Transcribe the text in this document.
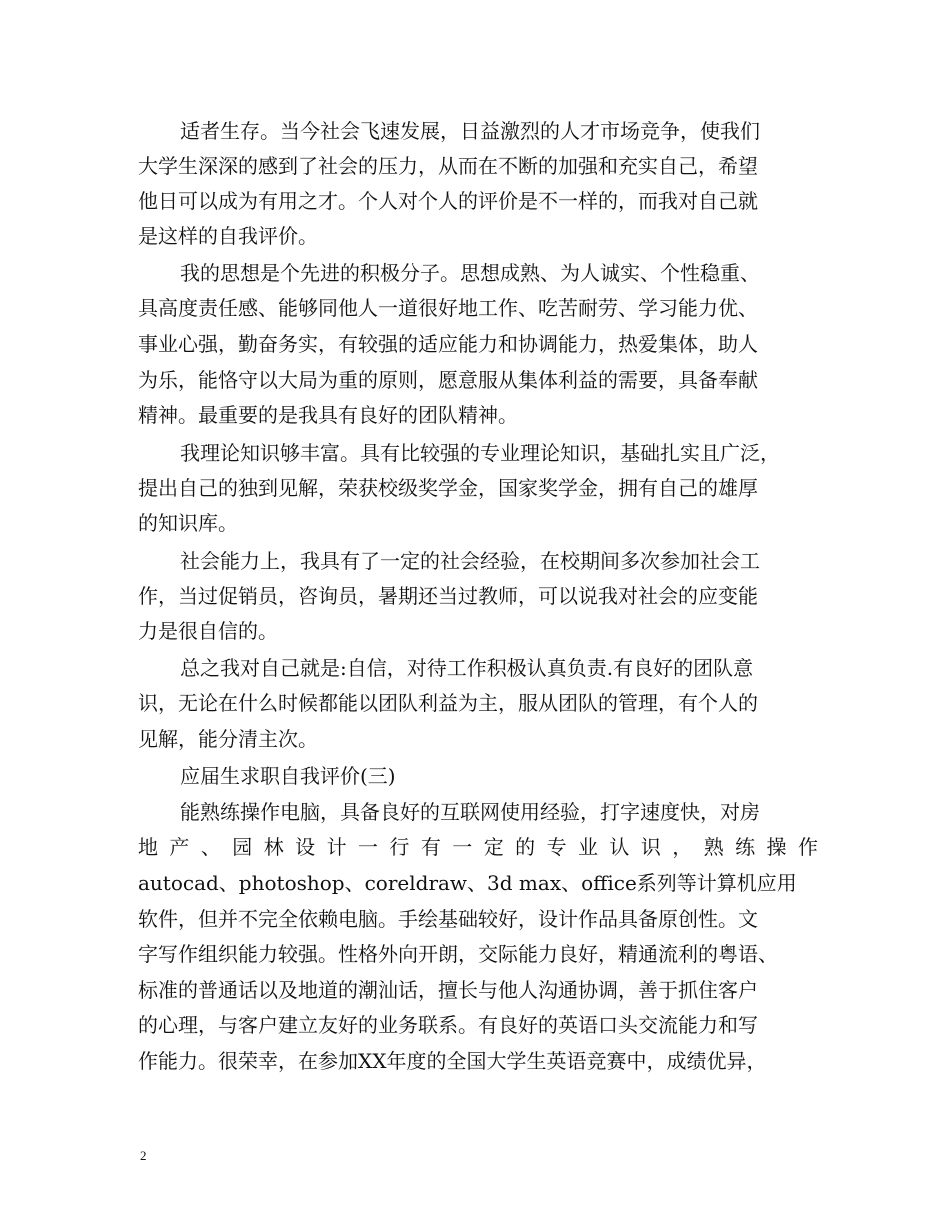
适者生存。当今社会飞速发展，日益激烈的人才市场竞争，使我们
大学生深深的感到了社会的压力，从而在不断的加强和充实自己，希望
他日可以成为有用之才。个人对个人的评价是不一样的，而我对自己就
是这样的自我评价。
我的思想是个先进的积极分子。思想成熟、为人诚实、个性稳重、
具高度责任感、能够同他人一道很好地工作、吃苦耐劳、学习能力优、
事业心强，勤奋务实，有较强的适应能力和协调能力，热爱集体，助人
为乐，能恪守以大局为重的原则，愿意服从集体利益的需要，具备奉献
精神。最重要的是我具有良好的团队精神。
我理论知识够丰富。具有比较强的专业理论知识，基础扎实且广泛，
提出自己的独到见解，荣获校级奖学金，国家奖学金，拥有自己的雄厚
的知识库。
社会能力上，我具有了一定的社会经验，在校期间多次参加社会工
作，当过促销员，咨询员，暑期还当过教师，可以说我对社会的应变能
力是很自信的。
总之我对自己就是:自信，对待工作积极认真负责.有良好的团队意
识，无论在什么时候都能以团队利益为主，服从团队的管理，有个人的
见解，能分清主次。
应届生求职自我评价(三)
能熟练操作电脑，具备良好的互联网使用经验，打字速度快，对房
地 产 、 园 林 设 计 一 行 有 一 定 的 专 业 认 识 ， 熟 练 操 作
autocad、photoshop、coreldraw、3d max、office系列等计算机应用
软件，但并不完全依赖电脑。手绘基础较好，设计作品具备原创性。文
字写作组织能力较强。性格外向开朗，交际能力良好，精通流利的粤语、
标准的普通话以及地道的潮汕话，擅长与他人沟通协调，善于抓住客户
的心理，与客户建立友好的业务联系。有良好的英语口头交流能力和写
作能力。很荣幸，在参加XX年度的全国大学生英语竞赛中，成绩优异，
2
